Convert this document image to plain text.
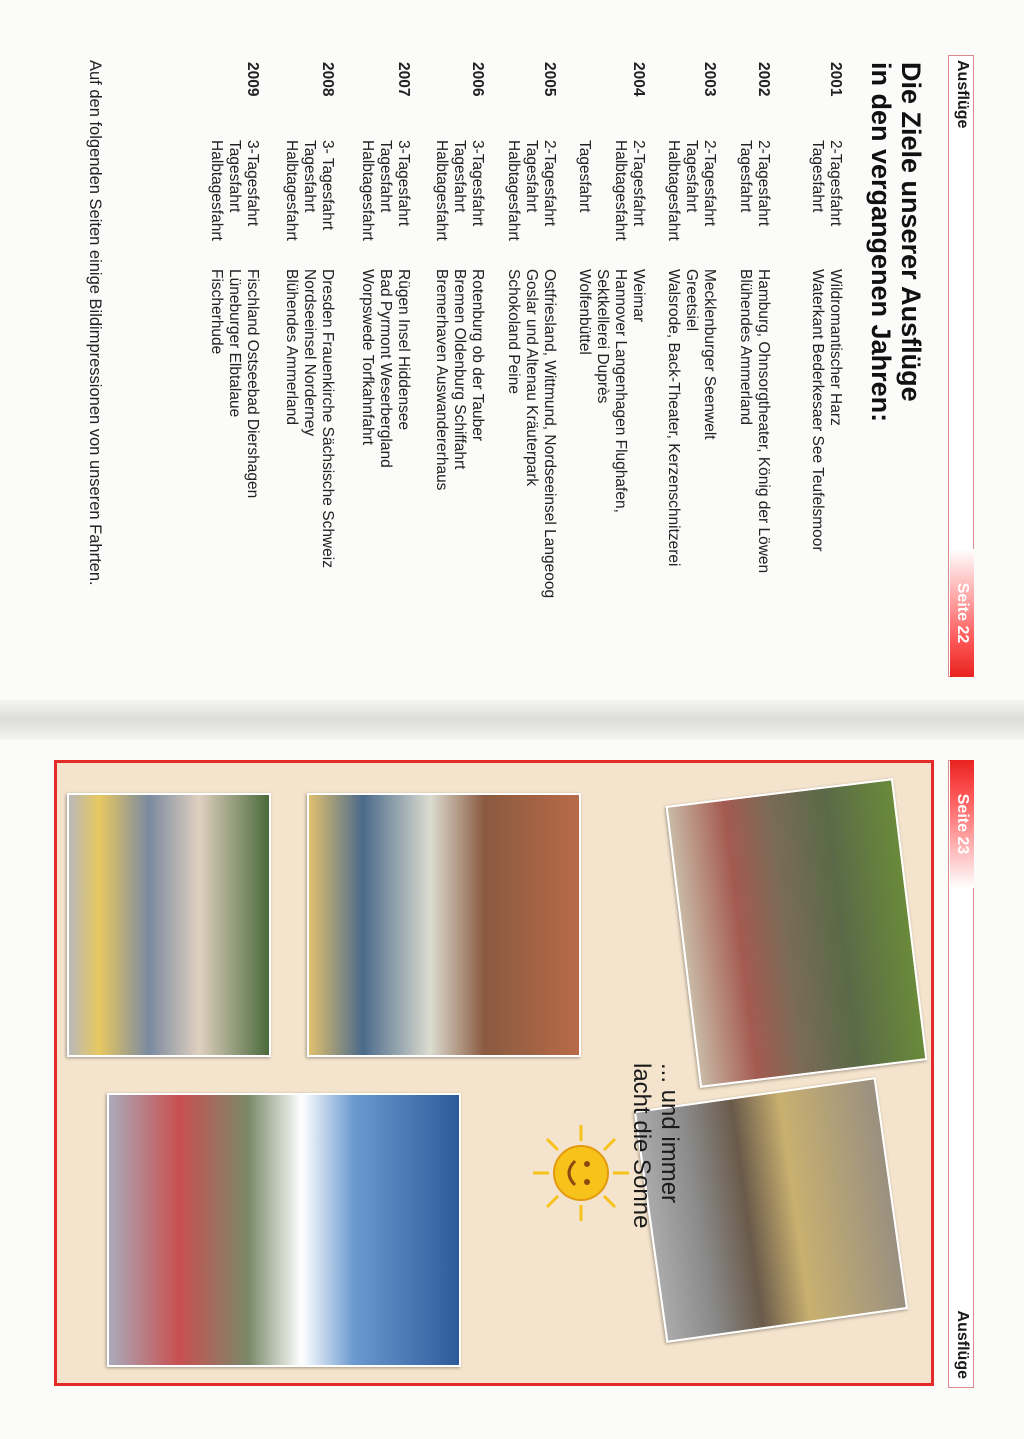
Ausflüge
Seite 22
Die Ziele unserer Ausflüge
in den vergangenen Jahren:
2001
2-Tagesfahrt
Tagesfahrt
Wildromantischer Harz
Waterkant Bederkesaer See Teufelsmoor
2002
2-Tagesfahrt
Tagesfahrt
Hamburg, Ohnsorgtheater, König der Löwen
Blühendes Ammerland
2003
2-Tagesfahrt
Tagesfahrt
Halbtagesfahrt
Mecklenburger Seenwelt
Greetsiel
Walsrode, Back-Theater, Kerzenschnitzerei
2004
2-Tagesfahrt
Halbtagesfahrt

Tagesfahrt
Weimar
Hannover Langenhagen Flughafen,
Sektkellerei Duprès
Wolfenbüttel
2005
2-Tagesfahrt
Tagesfahrt
Halbtagesfahrt
Ostfriesland, Wittmund, Nordseeinsel Langeoog
Goslar und Altenau Kräuterpark
Schokoland Peine
2006
3-Tagesfahrt
Tagesfahrt
Halbtagesfahrt
Rotenburg ob der Tauber
Bremen Oldenburg Schiffahrt
Bremerhaven Auswandererhaus
2007
3-Tagesfahrt
Tagesfahrt
Halbtagesfahrt
Rügen Insel Hiddensee
Bad Pyrmont Weserbergland
Worpswede Torfkahnfahrt
2008
3- Tagesfahrt
Tagesfahrt
Halbtagesfahrt
Dresden Frauenkirche Sächsische Schweiz
Nordseeinsel Norderney
Blühendes Ammerland
2009
3-Tagesfahrt
Tagesfahrt
Halbtagesfahrt
Fischland Ostseebad Diershagen
Lüneburger Elbtalaue
Fischerhude
Auf den folgenden Seiten einige Bildimpressionen von unseren Fahrten.
Seite 23
Ausflüge
... und immer
lacht die Sonne
